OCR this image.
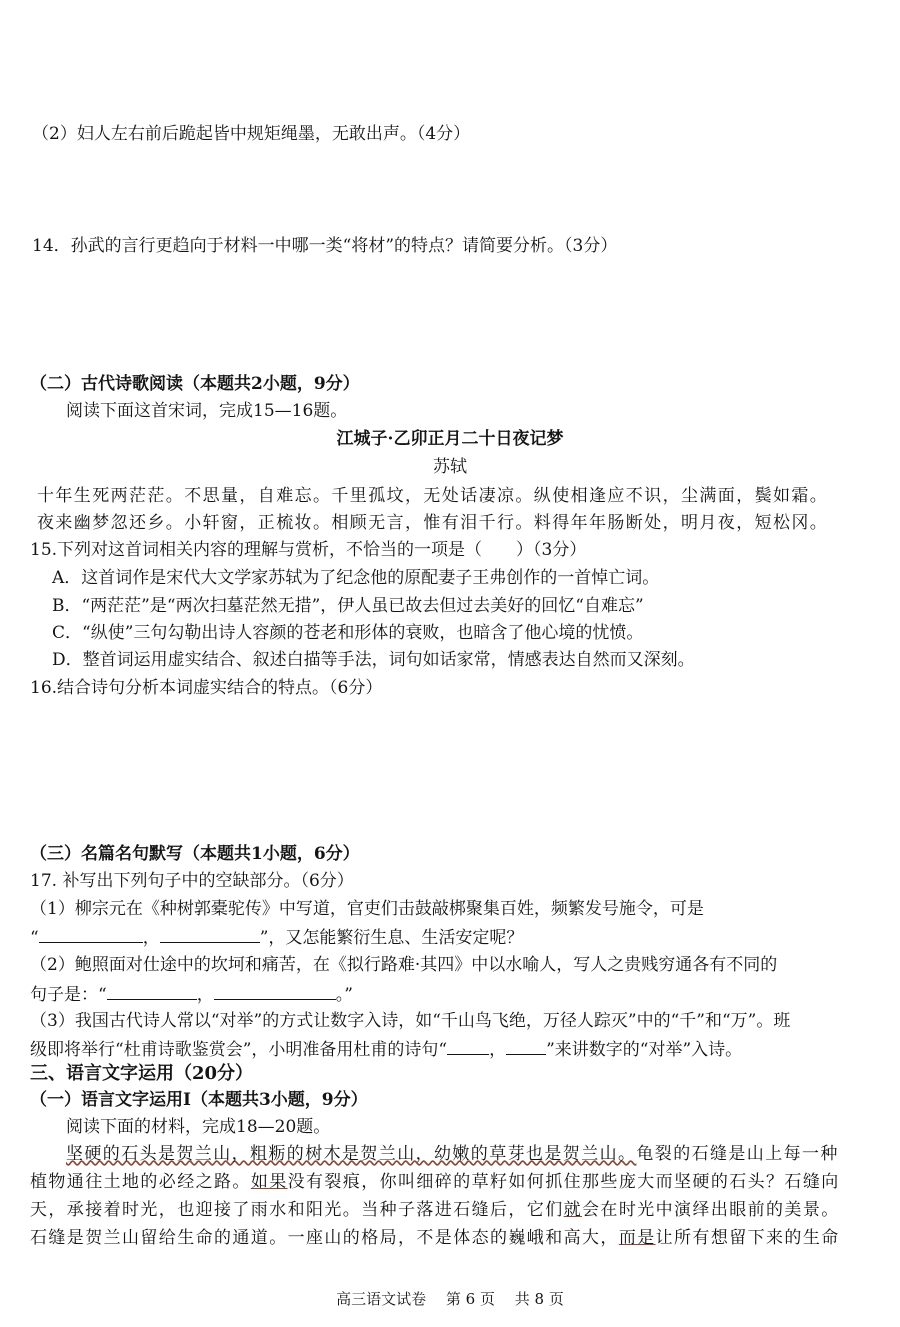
（2）妇人左右前后跪起皆中规矩绳墨，无敢出声。（4分）
14．孙武的言行更趋向于材料一中哪一类“将材”的特点？请简要分析。（3分）
（二）古代诗歌阅读（本题共2小题，9分）
阅读下面这首宋词，完成15—16题。
江城子·乙卯正月二十日夜记梦
苏轼
十年生死两茫茫。不思量，自难忘。千里孤坟，无处话凄凉。纵使相逢应不识，尘满面，鬓如霜。
夜来幽梦忽还乡。小轩窗，正梳妆。相顾无言，惟有泪千行。料得年年肠断处，明月夜，短松冈。
15.下列对这首词相关内容的理解与赏析，不恰当的一项是（　　）（3分）
A．这首词作是宋代大文学家苏轼为了纪念他的原配妻子王弗创作的一首悼亡词。
B．“两茫茫”是“两次扫墓茫然无措”，伊人虽已故去但过去美好的回忆“自难忘”
C．“纵使”三句勾勒出诗人容颜的苍老和形体的衰败，也暗含了他心境的忧愤。
D．整首词运用虚实结合、叙述白描等手法，词句如话家常，情感表达自然而又深刻。
16.结合诗句分析本词虚实结合的特点。（6分）
（三）名篇名句默写（本题共1小题，6分）
17. 补写出下列句子中的空缺部分。（6分）
（1）柳宗元在《种树郭橐驼传》中写道，官吏们击鼓敲梆聚集百姓，频繁发号施令，可是
“	，	”，又怎能繁衍生息、生活安定呢？
（2）鲍照面对仕途中的坎坷和痛苦，在《拟行路难·其四》中以水喻人，写人之贵贱穷通各有不同的
句子是：“	，	。”
（3）我国古代诗人常以“对举”的方式让数字入诗，如“千山鸟飞绝，万径人踪灭”中的“千”和“万”。班
级即将举行“杜甫诗歌鉴赏会”，小明准备用杜甫的诗句“ ， ”来讲数字的“对举”入诗。
三、语言文字运用（20分）
（一）语言文字运用Ⅰ（本题共3小题，9分）
阅读下面的材料，完成18—20题。
坚硬的石头是贺兰山，粗粝的树木是贺兰山，幼嫩的草芽也是贺兰山。龟裂的石缝是山上每一种
植物通往土地的必经之路。如果没有裂痕，你叫细碎的草籽如何抓住那些庞大而坚硬的石头？石缝向
天，承接着时光，也迎接了雨水和阳光。当种子落进石缝后，它们就会在时光中演绎出眼前的美景。
石缝是贺兰山留给生命的通道。一座山的格局，不是体态的巍峨和高大，而是让所有想留下来的生命
高三语文试卷　 第 6 页　 共 8 页
